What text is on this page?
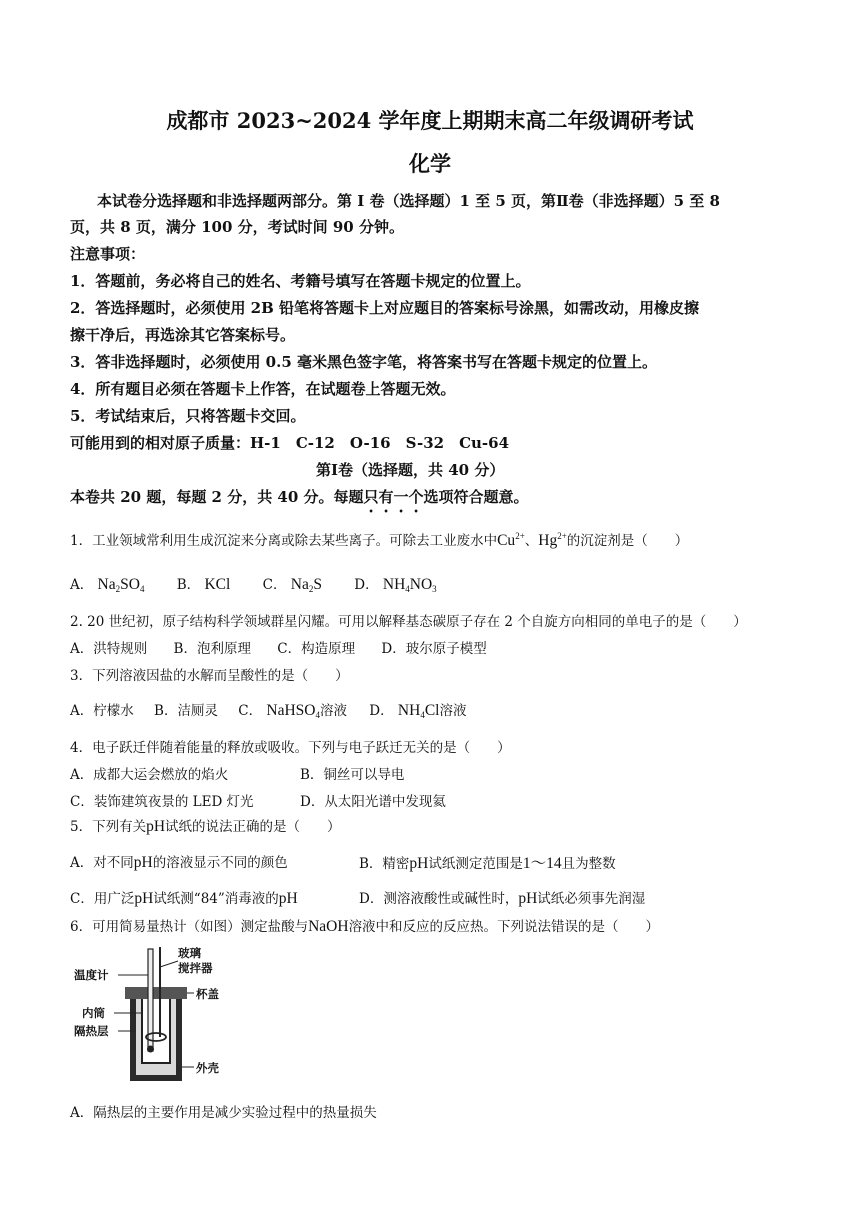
成都市 2023~2024 学年度上期期末高二年级调研考试
化学
本试卷分选择题和非选择题两部分。第 I 卷（选择题）1 至 5 页，第Ⅱ卷（非选择题）5 至 8
页，共 8 页，满分 100 分，考试时间 90 分钟。
注意事项：
1．答题前，务必将自己的姓名、考籍号填写在答题卡规定的位置上。
2．答选择题时，必须使用 2B 铅笔将答题卡上对应题目的答案标号涂黑，如需改动，用橡皮擦
擦干净后，再选涂其它答案标号。
3．答非选择题时，必须使用 0.5 毫米黑色签字笔，将答案书写在答题卡规定的位置上。
4．所有题目必须在答题卡上作答，在试题卷上答题无效。
5．考试结束后，只将答题卡交回。
可能用到的相对原子质量：H-1　C-12　O-16　S-32　Cu-64
第Ⅰ卷（选择题，共 40 分）
本卷共 20 题，每题 2 分，共 40 分。每题只有一个选项符合题意。
1．工业领域常利用生成沉淀来分离或除去某些离子。可除去工业废水中$Cu^{2+}$、$Hg^{2+}$的沉淀剂是（　　）
A． $Na_2SO_4$ B． KCl C． $Na_2S$ D． $NH_4NO_3$
2. 20 世纪初，原子结构科学领域群星闪耀。可用以解释基态碳原子存在 2 个自旋方向相同的单电子的是（　　）
A．洪特规则 B．泡利原理 C．构造原理 D．玻尔原子模型
3．下列溶液因盐的水解而呈酸性的是（　　）
A．柠檬水 B．洁厕灵 C． NaHSO$_4$溶液 D． $NH_4Cl$溶液
4．电子跃迁伴随着能量的释放或吸收。下列与电子跃迁无关的是（　　）
A．成都大运会燃放的焰火	B．铜丝可以导电
C．装饰建筑夜景的 LED 灯光	D．从太阳光谱中发现氦
5．下列有关pH试纸的说法正确的是（　　）
A．对不同pH的溶液显示不同的颜色	B．精密pH试纸测定范围是1～14且为整数
C．用广泛pH试纸测“84”消毒液的pH	D．测溶液酸性或碱性时，pH试纸必须事先润湿
6．可用简易量热计（如图）测定盐酸与NaOH溶液中和反应的反应热。下列说法错误的是（　　）
玻璃
搅拌器
温度计
杯盖
内筒
隔热层
外壳
A．隔热层的主要作用是减少实验过程中的热量损失
